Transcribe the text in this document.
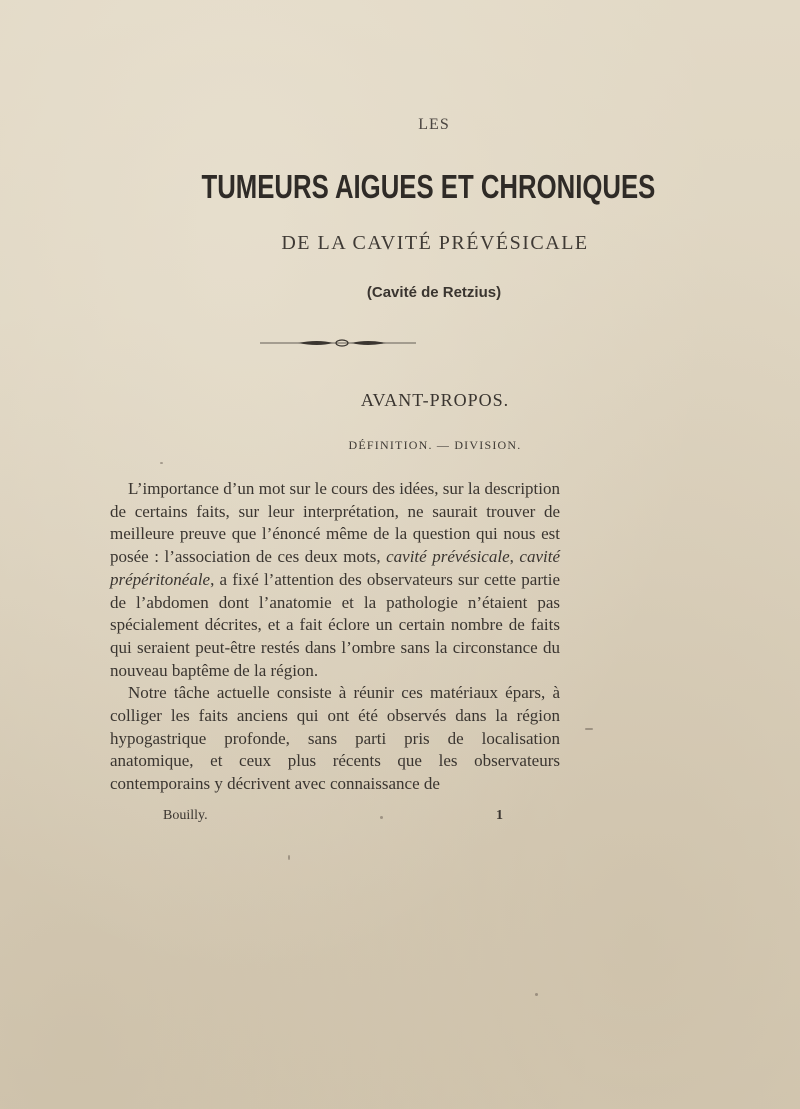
LES
TUMEURS AIGUES ET CHRONIQUES
DE LA CAVITÉ PRÉVÉSICALE
(Cavité de Retzius)
AVANT-PROPOS.
DÉFINITION. — DIVISION.

L’importance d’un mot sur le cours des idées, sur la description de certains faits, sur leur interprétation, ne saurait trouver de meilleure preuve que l’énoncé même de la question qui nous est posée : l’association de ces deux mots, cavité prévésicale, cavité prépéritonéale, a fixé l’attention des observateurs sur cette partie de l’abdomen dont l’anatomie et la pathologie n’étaient pas spécialement décrites, et a fait éclore un certain nombre de faits qui seraient peut-être restés dans l’ombre sans la circonstance du nouveau baptême de la région.

Notre tâche actuelle consiste à réunir ces matériaux épars, à colliger les faits anciens qui ont été observés dans la région hypogastrique profonde, sans parti pris de localisation anatomique, et ceux plus récents que les observateurs contemporains y décrivent avec connaissance de

Bouilly.	1
